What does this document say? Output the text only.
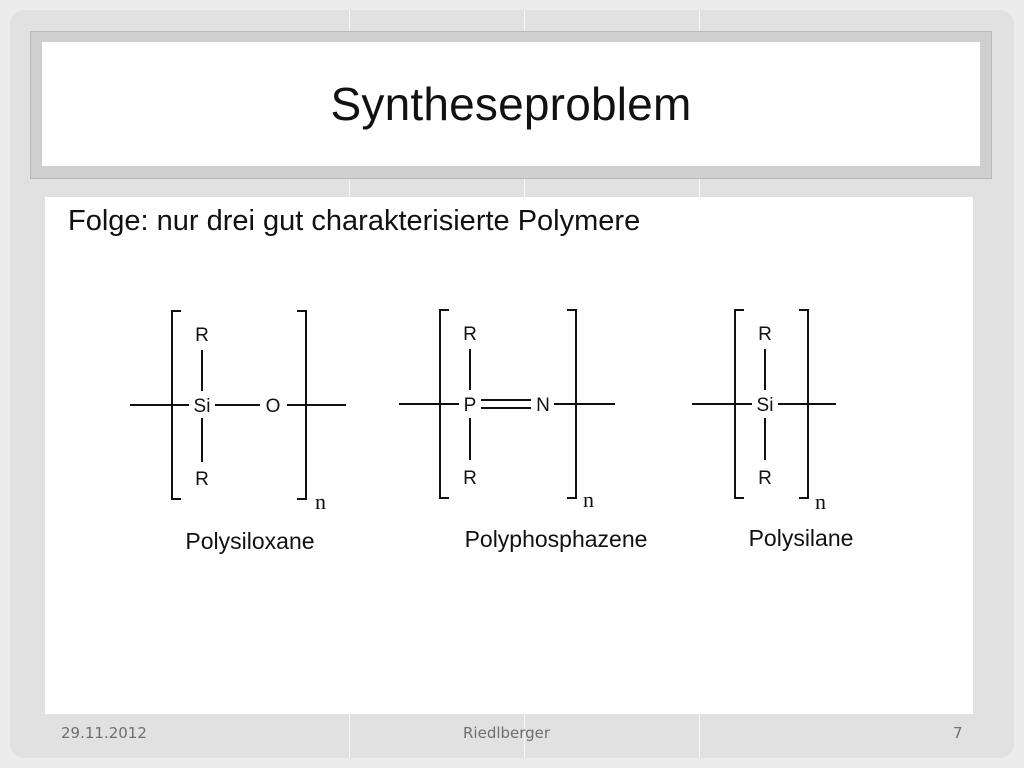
Syntheseproblem
Folge: nur drei gut charakterisierte Polymere
R
Si	O
R
n
Polysiloxane
R
P	N
R
n
Polyphosphazene
R
Si
R
n
Polysilane
29.11.2012	Riedlberger	7
